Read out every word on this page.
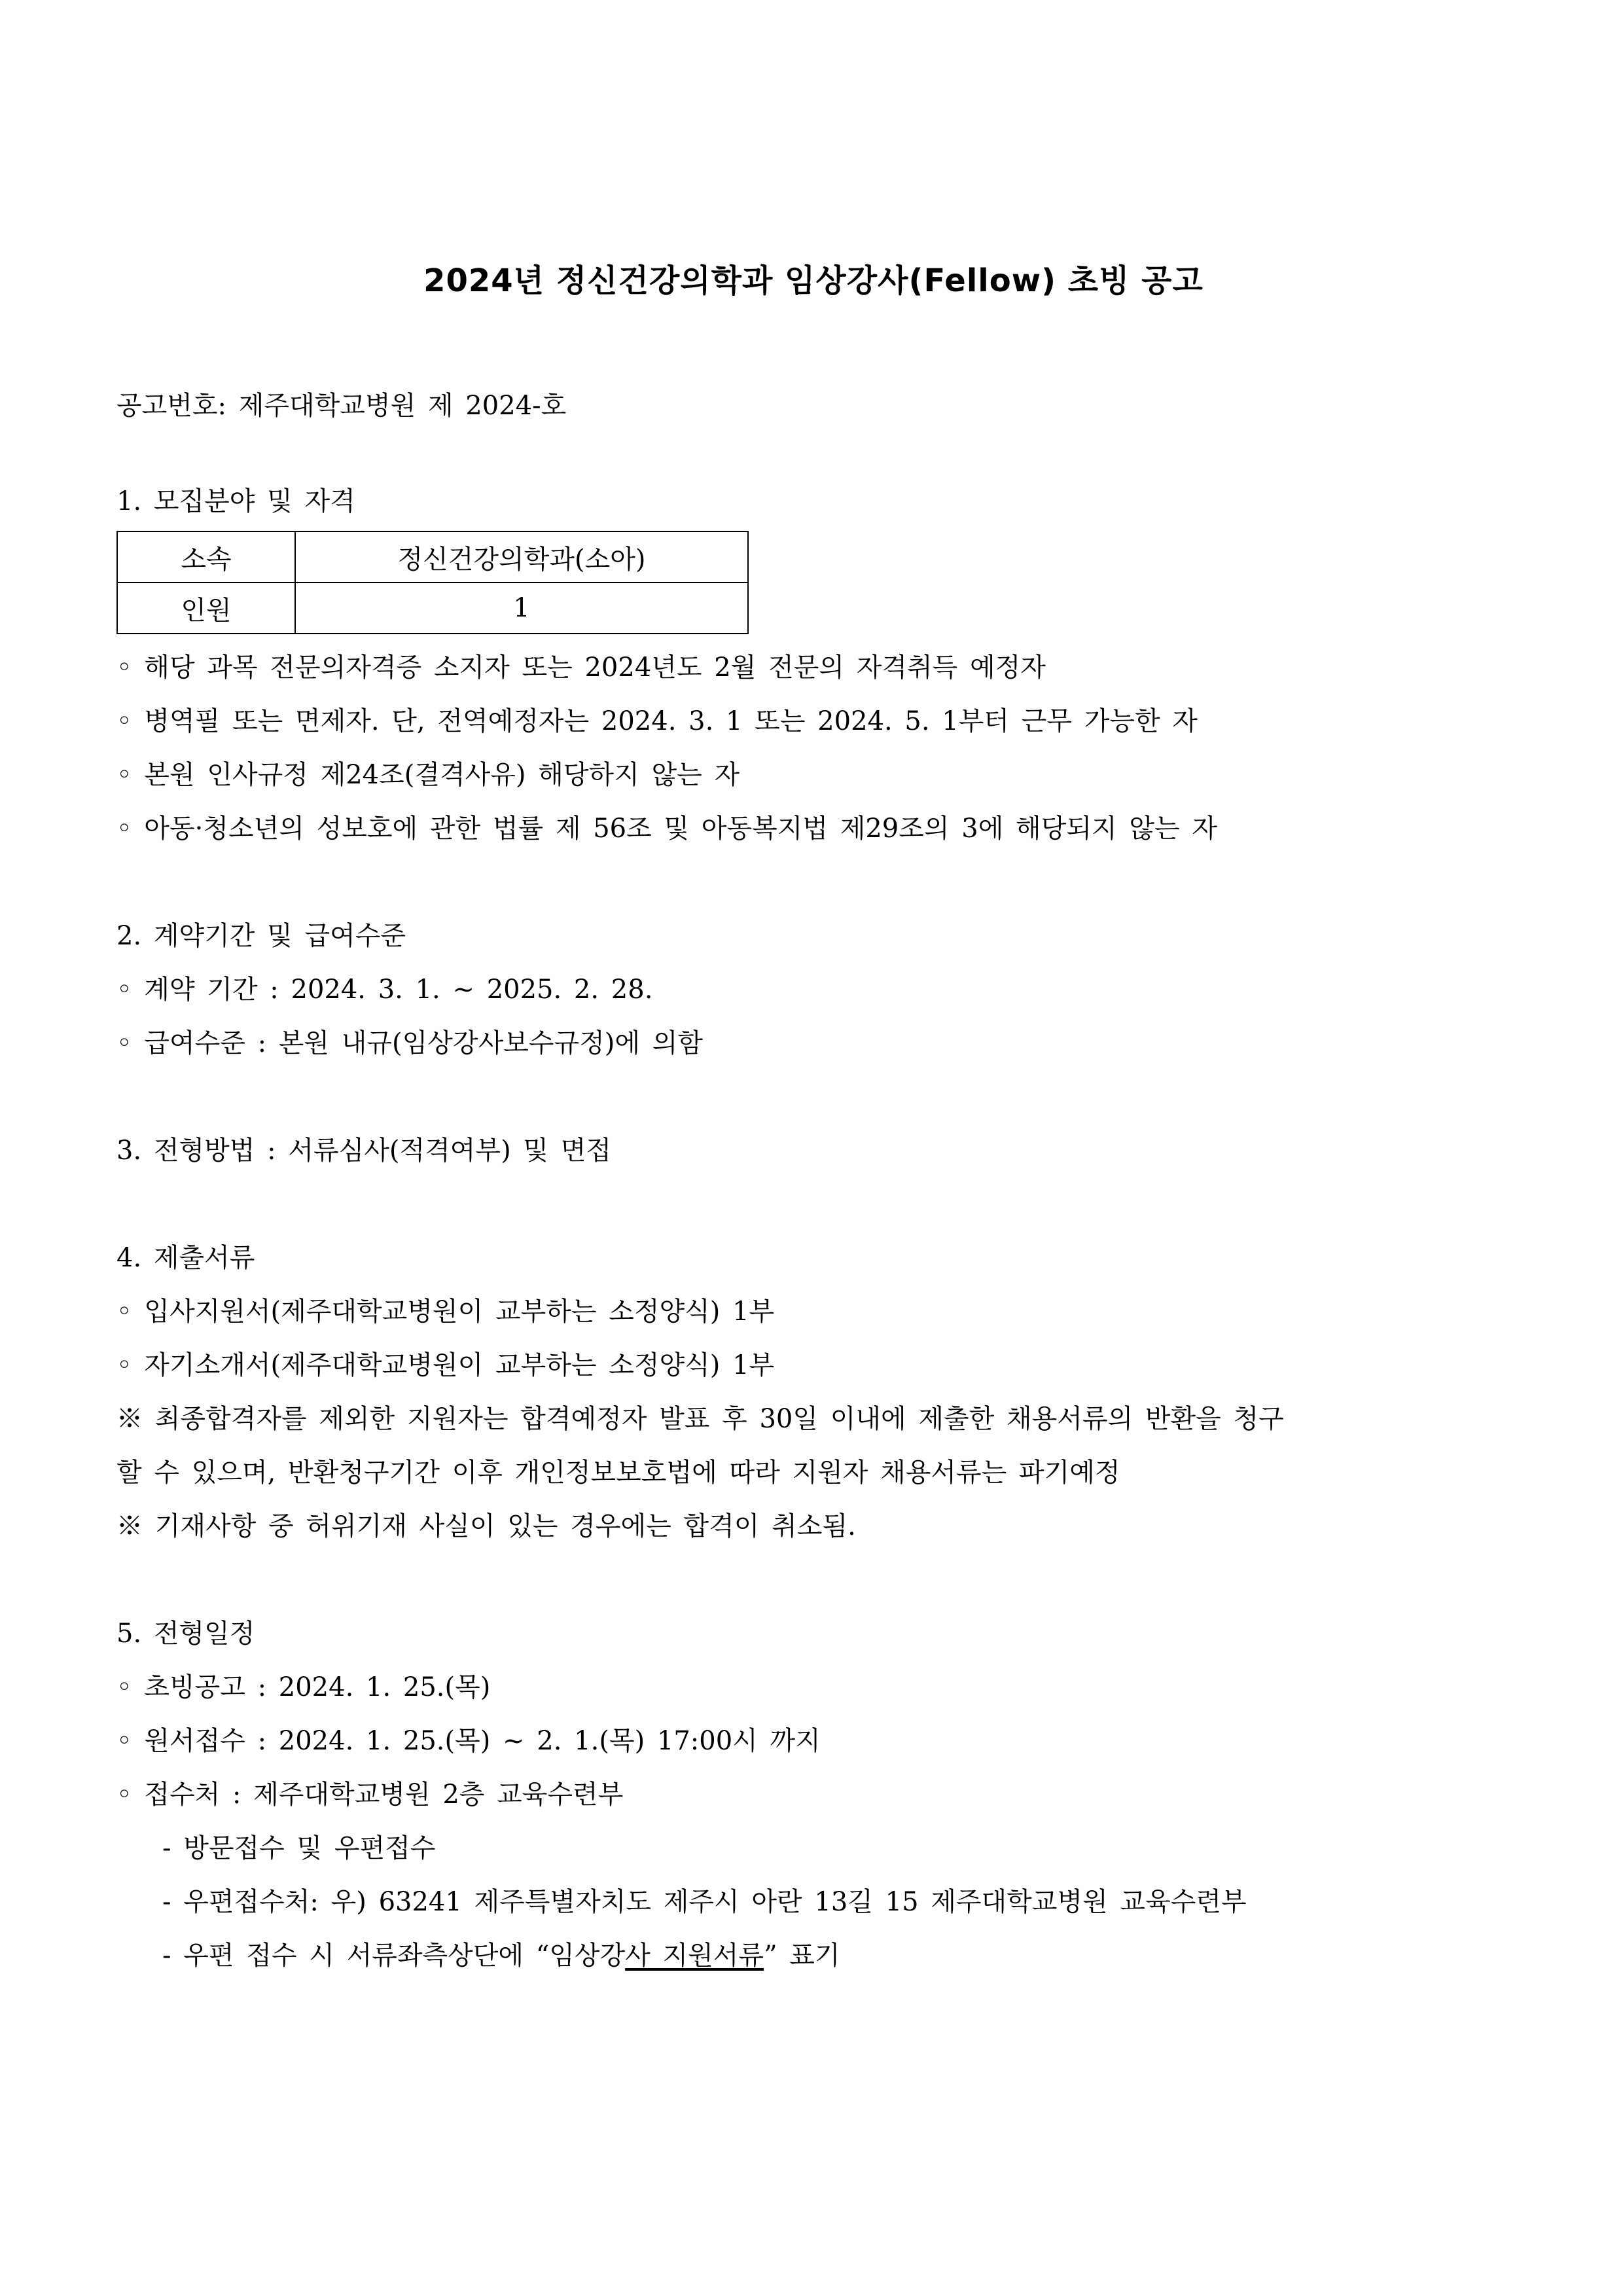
2024년 정신건강의학과 임상강사(Fellow) 초빙 공고
공고번호: 제주대학교병원 제 2024-호
1. 모집분야 및 자격
소속	정신건강의학과(소아)
인원	1
◦ 해당 과목 전문의자격증 소지자 또는 2024년도 2월 전문의 자격취득 예정자
◦ 병역필 또는 면제자. 단, 전역예정자는 2024. 3. 1 또는 2024. 5. 1부터 근무 가능한 자
◦ 본원 인사규정 제24조(결격사유) 해당하지 않는 자
◦ 아동·청소년의 성보호에 관한 법률 제 56조 및 아동복지법 제29조의 3에 해당되지 않는 자
2. 계약기간 및 급여수준
◦ 계약 기간 : 2024. 3. 1. ~ 2025. 2. 28.
◦ 급여수준 : 본원 내규(임상강사보수규정)에 의함
3. 전형방법 : 서류심사(적격여부) 및 면접
4. 제출서류
◦ 입사지원서(제주대학교병원이 교부하는 소정양식) 1부
◦ 자기소개서(제주대학교병원이 교부하는 소정양식) 1부
※ 최종합격자를 제외한 지원자는 합격예정자 발표 후 30일 이내에 제출한 채용서류의 반환을 청구
할 수 있으며, 반환청구기간 이후 개인정보보호법에 따라 지원자 채용서류는 파기예정
※ 기재사항 중 허위기재 사실이 있는 경우에는 합격이 취소됨.
5. 전형일정
◦ 초빙공고 : 2024. 1. 25.(목)
◦ 원서접수 : 2024. 1. 25.(목) ~ 2. 1.(목) 17:00시 까지
◦ 접수처 : 제주대학교병원 2층 교육수련부
- 방문접수 및 우편접수
- 우편접수처: 우) 63241 제주특별자치도 제주시 아란 13길 15 제주대학교병원 교육수련부
- 우편 접수 시 서류좌측상단에 “임상강사 지원서류” 표기
